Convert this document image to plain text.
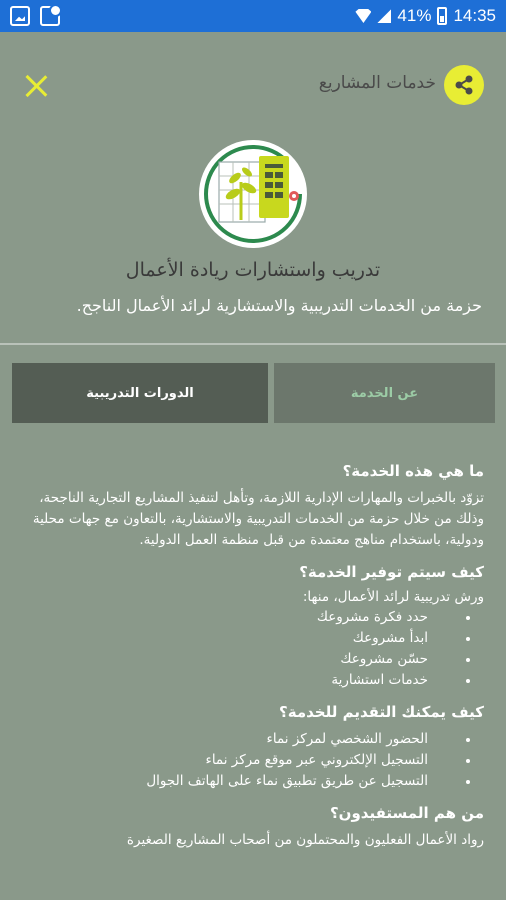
41% 14:35
خدمات المشاريع
تدريب واستشارات ريادة الأعمال
حزمة من الخدمات التدريبية والاستشارية لرائد الأعمال الناجح.
عن الخدمة
الدورات التدريبية
ما هي هذه الخدمة؟
تزوّد بالخبرات والمهارات الإدارية اللازمة، وتأهل لتنفيذ المشاريع التجارية الناجحة، وذلك من خلال حزمة من الخدمات التدريبية والاستشارية، بالتعاون مع جهات محلية ودولية، باستخدام مناهج معتمدة من قبل منظمة العمل الدولية.
كيف سيتم توفير الخدمة؟
ورش تدريبية لرائد الأعمال، منها:
حدد فكرة مشروعك
ابدأ مشروعك
حسّن مشروعك
خدمات استشارية
كيف يمكنك التقديم للخدمة؟
الحضور الشخصي لمركز نماء
التسجيل الإلكتروني عبر موقع مركز نماء
التسجيل عن طريق تطبيق نماء على الهاتف الجوال
من هم المستفيدون؟
رواد الأعمال الفعليون والمحتملون من أصحاب المشاريع الصغيرة
